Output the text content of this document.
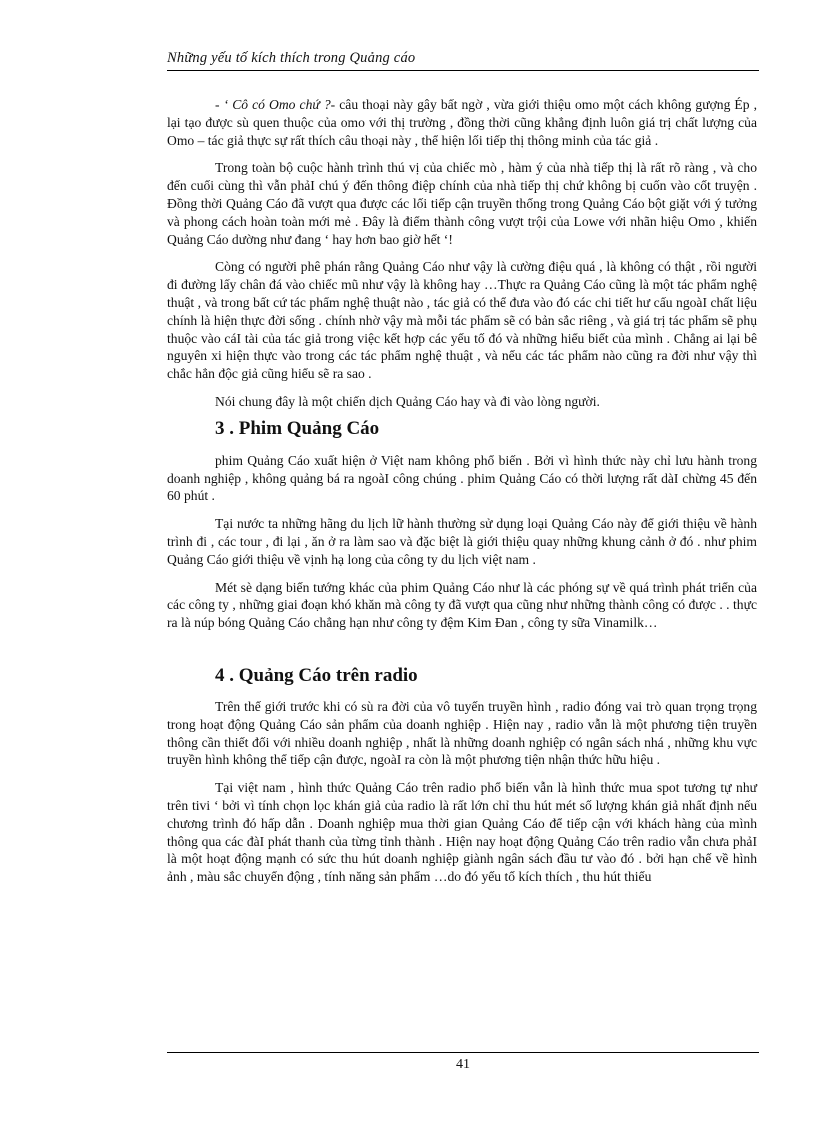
Những yếu tố kích thích trong Quảng cáo

- ‘ Cô có Omo chứ ?- câu thoại này gây bất ngờ , vừa giới thiệu omo một cách không gượng Ép , lại tạo được sù quen thuộc của omo với thị trường , đồng thời cũng khẳng định luôn giá trị chất lượng của Omo – tác giả thực sự rất thích câu thoại này , thể hiện lối tiếp thị thông minh của tác giả .

Trong toàn bộ cuộc hành trình thú vị của chiếc mò , hàm ý của nhà tiếp thị là rất rõ ràng , và cho đến cuối cùng thì vẫn phảI chú ý đến thông điệp chính của nhà tiếp thị chứ không bị cuốn vào cốt truyện . Đồng thời Quảng Cáo đã vượt qua được các lối tiếp cận truyền thống trong Quảng Cáo bột giặt với ý tưởng và phong cách hoàn toàn mới mẻ . Đây là điểm thành công vượt trội của Lowe với nhãn hiệu Omo , khiến Quảng Cáo dường như đang ‘ hay hơn bao giờ hết ‘!

Còng có người phê phán rằng Quảng Cáo như vậy là cường điệu quá , là không có thật , rồi người đi đường lấy chân đá vào chiếc mũ như vậy là không hay …Thực ra Quảng Cáo cũng là một tác phẩm nghệ thuật , và trong bất cứ tác phẩm nghệ thuật nào , tác giả có thể đưa vào đó các chi tiết hư cấu ngoàI chất liệu chính là hiện thực đời sống . chính nhờ vậy mà mỗi tác phẩm sẽ có bản sắc riêng , và giá trị tác phẩm sẽ phụ thuộc vào cáI tài của tác giả trong việc kết hợp các yếu tố đó và những hiểu biết của mình . Chẳng ai lại bê nguyên xi hiện thực vào trong các tác phẩm nghệ thuật , và nếu các tác phẩm nào cũng ra đời như vậy thì chắc hẳn độc giả cũng hiểu sẽ ra sao .

Nói chung đây là một chiến dịch Quảng Cáo hay và đi vào lòng người.

3 . Phim Quảng Cáo

phim Quảng Cáo xuất hiện ở Việt nam không phổ biến . Bởi vì hình thức này chỉ lưu hành trong doanh nghiệp , không quảng bá ra ngoàI công chúng . phim Quảng Cáo có thời lượng rất dàI chừng 45 đến 60 phút .

Tại nước ta những hãng du lịch lữ hành thường sử dụng loại Quảng Cáo này để giới thiệu về hành trình đi , các tour , đi lại , ăn ở ra làm sao và đặc biệt là giới thiệu quay những khung cảnh ở đó . như phim Quảng Cáo giới thiệu về vịnh hạ long của công ty du lịch việt nam .

Mét sè dạng biến tướng khác của phim Quảng Cáo như là các phóng sự về quá trình phát triển của các công ty , những giai đoạn khó khăn mà công ty đã vượt qua cũng như những thành công có được . . thực ra là núp bóng Quảng Cáo chẳng hạn như công ty đệm Kim Đan , công ty sữa Vinamilk…

4 . Quảng Cáo trên radio

Trên thế giới trước khi có sù ra đời của vô tuyến truyền hình , radio đóng vai trò quan trọng trọng trong hoạt động Quảng Cáo sản phẩm của doanh nghiệp . Hiện nay , radio vẫn là một phương tiện truyền thông cần thiết đối với nhiều doanh nghiệp , nhất là những doanh nghiệp có ngân sách nhá , những khu vực truyền hình không thể tiếp cận được, ngoàI ra còn là một phương tiện nhận thức hữu hiệu .

Tại việt nam , hình thức Quảng Cáo trên radio phổ biến vẫn là hình thức mua spot tương tự như trên tivi ‘ bởi vì tính chọn lọc khán giả của radio là rất lớn chỉ thu hút mét số lượng khán giả nhất định nếu chương trình đó hấp dẫn . Doanh nghiệp mua thời gian Quảng Cáo để tiếp cận với khách hàng của mình thông qua các đàI phát thanh của từng tỉnh thành . Hiện nay hoạt động Quảng Cáo trên radio vẫn chưa phảI là một hoạt động mạnh có sức thu hút doanh nghiệp giành ngân sách đầu tư vào đó . bởi hạn chế về hình ảnh , màu sắc chuyển động , tính năng sản phẩm …do đó yếu tố kích thích , thu hút thiếu

41
